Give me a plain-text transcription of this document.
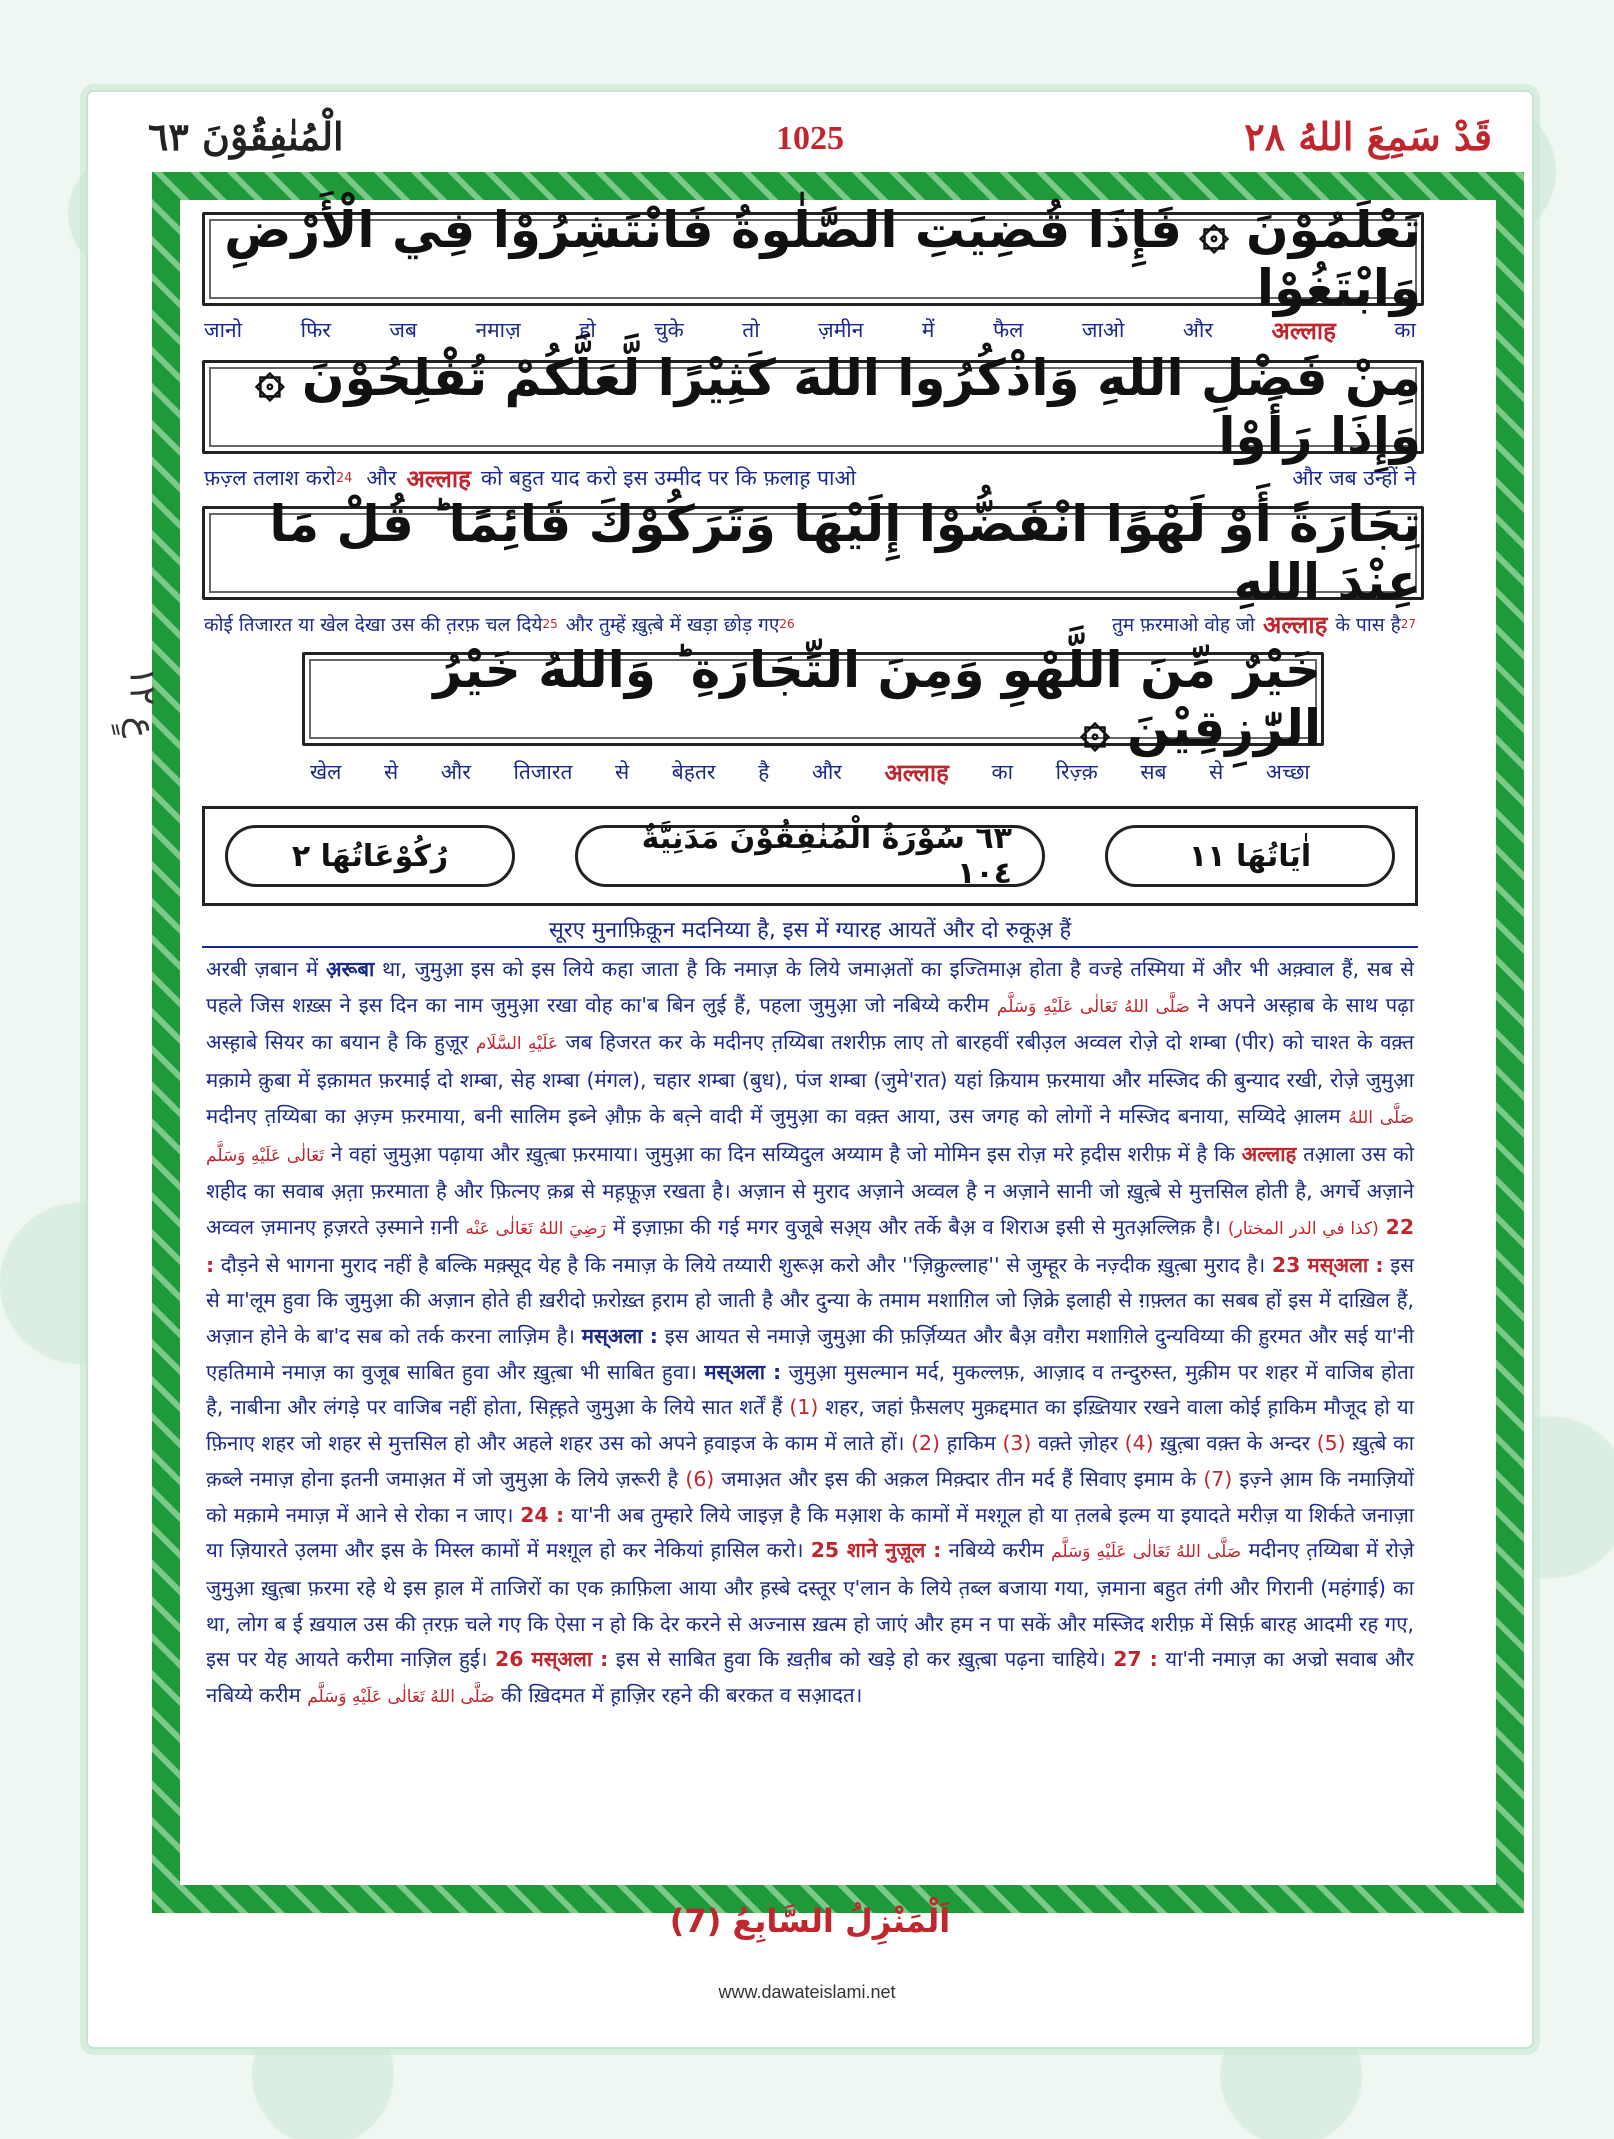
الْمُنٰفِقُوْنَ ٦٣	1025	قَدْ سَمِعَ اللهُ ٢٨
عٍ ١٢
تَعْلَمُوْنَ ۞ فَإِذَا قُضِيَتِ الصَّلٰوةُ فَانْتَشِرُوْا فِي الْأَرْضِ وَابْتَغُوْا
जानो	फिर	जब	नमाज़	हो	चुके	तो	ज़मीन	में	फैल	जाओ	और अल्लाह	का
مِنْ فَضْلِ اللهِ وَاذْكُرُوا اللهَ كَثِيْرًا لَّعَلَّكُمْ تُفْلِحُوْنَ ۞ وَإِذَا رَأَوْا
फ़ज़्ल तलाश करो 24 और अल्लाह को बहुत याद करो इस उम्मीद पर कि फ़लाह़ पाओ	और जब उन्हों ने
تِجَارَةً أَوْ لَهْوًا انْفَضُّوْا إِلَيْهَا وَتَرَكُوْكَ قَائِمًا ؕ قُلْ مَا عِنْدَ اللهِ
कोई तिजारत या खेल देखा उस की त़रफ़ चल दिये 25 और तुम्हें ख़ुत़्बे में खड़ा छोड़ गए 26	तुम फ़रमाओ वोह जो अल्लाह के पास है 27
خَيْرٌ مِّنَ اللَّهْوِ وَمِنَ التِّجَارَةِ ؕ وَاللهُ خَيْرُ الرّٰزِقِيْنَ ۞
खेल से और तिजारत से बेहतर है और अल्लाह का रिज़्क़ सब से अच्छा
اٰيَاتُهَا ١١
٦٣ سُوْرَةُ الْمُنٰفِقُوْنَ مَدَنِيَّةٌ ١٠٤
رُكُوْعَاتُهَا ٢
सूरए मुनाफ़िक़ून मदनिय्या है, इस में ग्यारह आयतें और दो रुकूअ़ हैं
अरबी ज़बान में अ़रूबा था, जुमुआ़ इस को इस लिये कहा जाता है कि नमाज़ के लिये जमाअ़तों का इज्तिमाअ़ होता है वज्हे तस्मिया में और भी अक़्वाल हैं, सब से पहले जिस शख़्स ने इस दिन का नाम जुमुआ़ रखा वोह का'ब बिन लुई हैं, पहला जुमुआ़ जो नबिय्ये करीम صَلَّى اللهُ تَعَالٰى عَلَيْهِ وَسَلَّم ने अपने अस्ह़ाब के साथ पढ़ा अस्ह़ाबे सियर का बयान है कि हुज़ूर عَلَيْهِ السَّلَام जब हिजरत कर के मदीनए त़य्यिबा तशरीफ़ लाए तो बारहवीं रबीउ़ल अव्वल रोज़े दो शम्बा (पीर) को चाश्त के वक़्त मक़ामे क़ुबा में इक़ामत फ़रमाई दो शम्बा, सेह शम्बा (मंगल), चहार शम्बा (बुध), पंज शम्बा (जुमे'रात) यहां क़ियाम फ़रमाया और मस्जिद की बुन्याद रखी, रोज़े जुमुआ़ मदीनए त़य्यिबा का अ़ज़्म फ़रमाया, बनी सालिम इब्ने औ़फ़ के बत़्ने वादी में जुमुआ़ का वक़्त आया, उस जगह को लोगों ने मस्जिद बनाया, सय्यिदे आ़लम صَلَّى اللهُ تَعَالٰى عَلَيْهِ وَسَلَّم ने वहां जुमुआ़ पढ़ाया और ख़ुत़्बा फ़रमाया। जुमुआ़ का दिन सय्यिदुल अय्याम है जो मोमिन इस रोज़ मरे ह़दीस शरीफ़ में है कि अल्लाह तआ़ला उस को शहीद का सवाब अ़त़ा फ़रमाता है और फ़ित्नए क़ब्र से मह़फ़ूज़ रखता है। अज़ान से मुराद अज़ाने अव्वल है न अज़ाने सानी जो ख़ुत़्बे से मुत्तसिल होती है, अगर्चे अज़ाने अव्वल ज़मानए ह़ज़रते उ़स्माने ग़नी رَضِيَ اللهُ تَعَالٰى عَنْه में इज़ाफ़ा की गई मगर वुजूबे सअ़्य और तर्के बैअ़ व शिराअ इसी से मुतअ़ल्लिक़ है। (كذا في الدر المختار) 22 : दौड़ने से भागना मुराद नहीं है बल्कि मक़्सूद येह है कि नमाज़ के लिये तय्यारी शुरूअ़ करो और ''ज़िक्रुल्लाह'' से जुम्हूर के नज़्दीक ख़ुत़्बा मुराद है। 23 मस्अला : इस से मा'लूम हुवा कि जुमुआ़ की अज़ान होते ही ख़रीदो फ़रोख़्त ह़राम हो जाती है और दुन्या के तमाम मशाग़िल जो ज़िक्रे इलाही से ग़फ़्लत का सबब हों इस में दाख़िल हैं, अज़ान होने के बा'द सब को तर्क करना लाज़िम है। मस्अला : इस आयत से नमाज़े जुमुआ़ की फ़र्ज़िय्यत और बैअ़ वग़ैरा मशाग़िले दुन्यविय्या की ह़ुरमत और सई या'नी एहतिमामे नमाज़ का वुजूब साबित हुवा और ख़ुत़्बा भी साबित हुवा। मस्अला : जुमुआ़ मुसल्मान मर्द, मुकल्लफ़, आज़ाद व तन्दुरुस्त, मुक़ीम पर शहर में वाजिब होता है, नाबीना और लंगड़े पर वाजिब नहीं होता, सिह़्ह़ते जुमुआ़ के लिये सात शर्तें हैं (1) शहर, जहां फ़ैसलए मुक़द्दमात का इख़्तियार रखने वाला कोई ह़ाकिम मौजूद हो या फ़िनाए शहर जो शहर से मुत्तसिल हो और अहले शहर उस को अपने ह़वाइज के काम में लाते हों। (2) ह़ाकिम (3) वक़्ते ज़ोहर (4) ख़ुत़्बा वक़्त के अन्दर (5) ख़ुत़्बे का क़ब्ले नमाज़ होना इतनी जमाअ़त में जो जुमुआ़ के लिये ज़रूरी है (6) जमाअ़त और इस की अक़ल मिक़्दार तीन मर्द हैं सिवाए इमाम के (7) इज़्ने आ़म कि नमाज़ियों को मक़ामे नमाज़ में आने से रोका न जाए। 24 : या'नी अब तुम्हारे लिये जाइज़ है कि मआ़श के कामों में मश्ग़ूल हो या त़लबे इल्म या इयादते मरीज़ या शिर्कते जनाज़ा या ज़ियारते उ़लमा और इस के मिस्ल कामों में मश्ग़ूल हो कर नेकियां ह़ासिल करो। 25 शाने नुज़ूल : नबिय्ये करीम صَلَّى اللهُ تَعَالٰى عَلَيْهِ وَسَلَّم मदीनए त़य्यिबा में रोज़े जुमुआ़ ख़ुत़्बा फ़रमा रहे थे इस ह़ाल में ताजिरों का एक क़ाफ़िला आया और ह़स्बे दस्तूर ए'लान के लिये त़ब्ल बजाया गया, ज़माना बहुत तंगी और गिरानी (महंगाई) का था, लोग ब ई ख़याल उस की त़रफ़ चले गए कि ऐसा न हो कि देर करने से अज्नास ख़त्म हो जाएं और हम न पा सकें और मस्जिद शरीफ़ में सिर्फ़ बारह आदमी रह गए, इस पर येह आयते करीमा नाज़िल हुई। 26 मस्अला : इस से साबित हुवा कि ख़त़ीब को खड़े हो कर ख़ुत़्बा पढ़ना चाहिये। 27 : या'नी नमाज़ का अज्रो सवाब और नबिय्ये करीम صَلَّى اللهُ تَعَالٰى عَلَيْهِ وَسَلَّم की ख़िदमत में ह़ाज़िर रहने की बरकत व सआ़दत।
اَلْمَنْزِلُ السَّابِعُ (7)
www.dawateislami.net
